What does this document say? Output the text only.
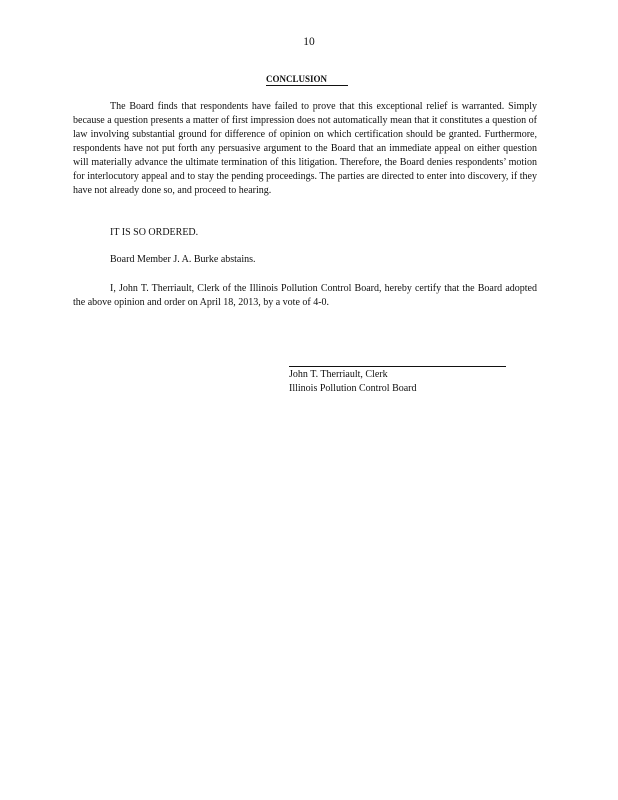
10
CONCLUSION

The Board finds that respondents have failed to prove that this exceptional relief is warranted. Simply because a question presents a matter of first impression does not automatically mean that it constitutes a question of law involving substantial ground for difference of opinion on which certification should be granted. Furthermore, respondents have not put forth any persuasive argument to the Board that an immediate appeal on either question will materially advance the ultimate termination of this litigation. Therefore, the Board denies respondents’ motion for interlocutory appeal and to stay the pending proceedings. The parties are directed to enter into discovery, if they have not already done so, and proceed to hearing.

IT IS SO ORDERED.

Board Member J. A. Burke abstains.

I, John T. Therriault, Clerk of the Illinois Pollution Control Board, hereby certify that the Board adopted the above opinion and order on April 18, 2013, by a vote of 4-0.

John T. Therriault, Clerk
Illinois Pollution Control Board
